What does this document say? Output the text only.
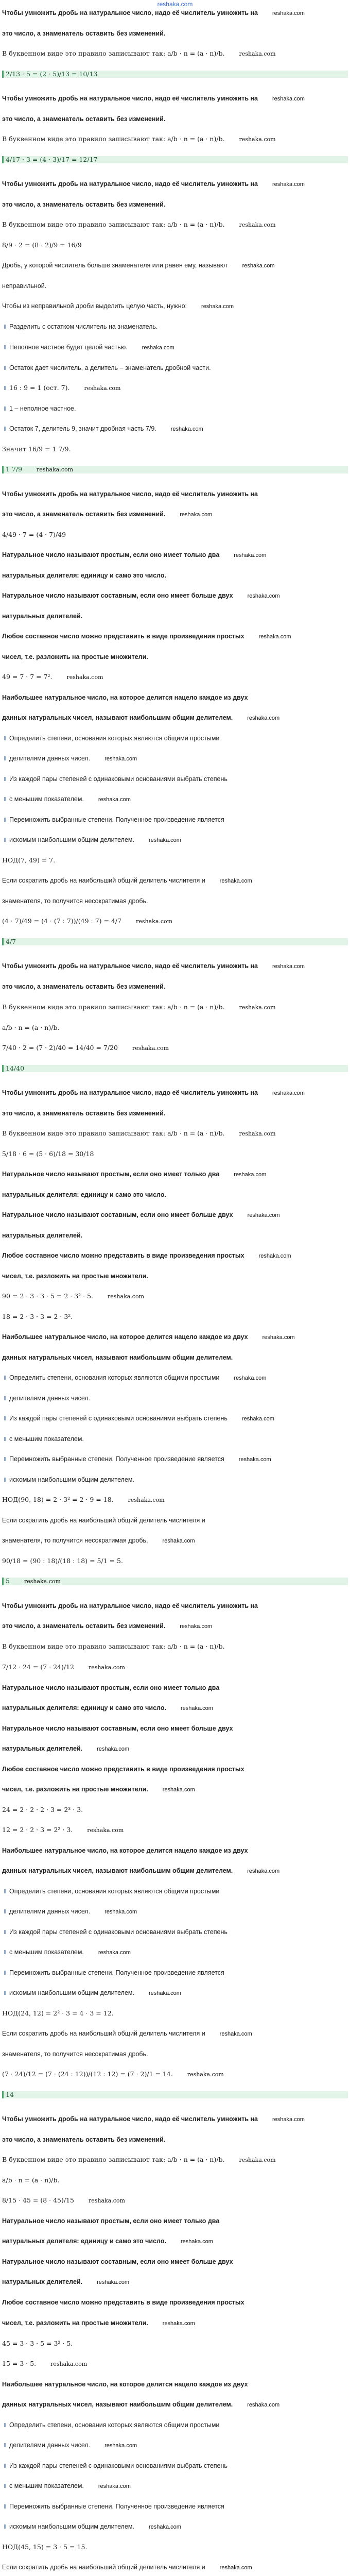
reshaka.com
Чтобы умножить дробь на натуральное число, надо её числитель умножить на	reshaka.com
это число, а знаменатель оставить без изменений.
В буквенном виде это правило записывают так: a/b · n = (a · n)/b.	reshaka.com
2/13 · 5 = (2 · 5)/13 = 10/13
Чтобы умножить дробь на натуральное число, надо её числитель умножить на	reshaka.com
это число, а знаменатель оставить без изменений.
В буквенном виде это правило записывают так: a/b · n = (a · n)/b.	reshaka.com
4/17 · 3 = (4 · 3)/17 = 12/17
Чтобы умножить дробь на натуральное число, надо её числитель умножить на	reshaka.com
это число, а знаменатель оставить без изменений.
В буквенном виде это правило записывают так: a/b · n = (a · n)/b.	reshaka.com
8/9 · 2 = (8 · 2)/9 = 16/9
Дробь, у которой числитель больше знаменателя или равен ему, называют	reshaka.com
неправильной.
Чтобы из неправильной дроби выделить целую часть, нужно:	reshaka.com
Разделить с остатком числитель на знаменатель.
Неполное частное будет целой частью.	reshaka.com
Остаток дает числитель, а делитель – знаменатель дробной части.
16 : 9 = 1 (ост. 7).	reshaka.com
1 – неполное частное.
Остаток 7, делитель 9, значит дробная часть 7/9.	reshaka.com
Значит 16/9 = 1 7/9.
1 7/9	reshaka.com
Чтобы умножить дробь на натуральное число, надо её числитель умножить на
это число, а знаменатель оставить без изменений.	reshaka.com
4/49 · 7 = (4 · 7)/49
Натуральное число называют простым, если оно имеет только два	reshaka.com
натуральных делителя: единицу и само это число.
Натуральное число называют составным, если оно имеет больше двух	reshaka.com
натуральных делителей.
Любое составное число можно представить в виде произведения простых	reshaka.com
чисел, т.е. разложить на простые множители.
49 = 7 · 7 = 7².	reshaka.com
Наибольшее натуральное число, на которое делится нацело каждое из двух
данных натуральных чисел, называют наибольшим общим делителем.	reshaka.com
Определить степени, основания которых являются общими простыми
делителями данных чисел.	reshaka.com
Из каждой пары степеней с одинаковыми основаниями выбрать степень
с меньшим показателем.	reshaka.com
Перемножить выбранные степени. Полученное произведение является
искомым наибольшим общим делителем.	reshaka.com
НОД(7, 49) = 7.
Если сократить дробь на наибольший общий делитель числителя и	reshaka.com
знаменателя, то получится несократимая дробь.
(4 · 7)/49 = (4 · (7 : 7))/(49 : 7) = 4/7	reshaka.com
4/7
Чтобы умножить дробь на натуральное число, надо её числитель умножить на	reshaka.com
это число, а знаменатель оставить без изменений.
В буквенном виде это правило записывают так: a/b · n = (a · n)/b.	reshaka.com
a/b · n = (a · n)/b.
7/40 · 2 = (7 · 2)/40 = 14/40 = 7/20	reshaka.com
14/40
Чтобы умножить дробь на натуральное число, надо её числитель умножить на	reshaka.com
это число, а знаменатель оставить без изменений.
В буквенном виде это правило записывают так: a/b · n = (a · n)/b.	reshaka.com
5/18 · 6 = (5 · 6)/18 = 30/18
Натуральное число называют простым, если оно имеет только два	reshaka.com
натуральных делителя: единицу и само это число.
Натуральное число называют составным, если оно имеет больше двух	reshaka.com
натуральных делителей.
Любое составное число можно представить в виде произведения простых	reshaka.com
чисел, т.е. разложить на простые множители.
90 = 2 · 3 · 3 · 5 = 2 · 3² · 5.	reshaka.com
18 = 2 · 3 · 3 = 2 · 3².
Наибольшее натуральное число, на которое делится нацело каждое из двух	reshaka.com
данных натуральных чисел, называют наибольшим общим делителем.
Определить степени, основания которых являются общими простыми	reshaka.com
делителями данных чисел.
Из каждой пары степеней с одинаковыми основаниями выбрать степень	reshaka.com
с меньшим показателем.
Перемножить выбранные степени. Полученное произведение является	reshaka.com
искомым наибольшим общим делителем.
НОД(90, 18) = 2 · 3² = 2 · 9 = 18.	reshaka.com
Если сократить дробь на наибольший общий делитель числителя и
знаменателя, то получится несократимая дробь.	reshaka.com
90/18 = (90 : 18)/(18 : 18) = 5/1 = 5.
5	reshaka.com
Чтобы умножить дробь на натуральное число, надо её числитель умножить на
это число, а знаменатель оставить без изменений.	reshaka.com
В буквенном виде это правило записывают так: a/b · n = (a · n)/b.
7/12 · 24 = (7 · 24)/12	reshaka.com
Натуральное число называют простым, если оно имеет только два
натуральных делителя: единицу и само это число.	reshaka.com
Натуральное число называют составным, если оно имеет больше двух
натуральных делителей.	reshaka.com
Любое составное число можно представить в виде произведения простых
чисел, т.е. разложить на простые множители.	reshaka.com
24 = 2 · 2 · 2 · 3 = 2³ · 3.
12 = 2 · 2 · 3 = 2² · 3.	reshaka.com
Наибольшее натуральное число, на которое делится нацело каждое из двух
данных натуральных чисел, называют наибольшим общим делителем.	reshaka.com
Определить степени, основания которых являются общими простыми
делителями данных чисел.	reshaka.com
Из каждой пары степеней с одинаковыми основаниями выбрать степень
с меньшим показателем.	reshaka.com
Перемножить выбранные степени. Полученное произведение является
искомым наибольшим общим делителем.	reshaka.com
НОД(24, 12) = 2² · 3 = 4 · 3 = 12.
Если сократить дробь на наибольший общий делитель числителя и	reshaka.com
знаменателя, то получится несократимая дробь.
(7 · 24)/12 = (7 · (24 : 12))/(12 : 12) = (7 · 2)/1 = 14.	reshaka.com
14
Чтобы умножить дробь на натуральное число, надо её числитель умножить на	reshaka.com
это число, а знаменатель оставить без изменений.
В буквенном виде это правило записывают так: a/b · n = (a · n)/b.	reshaka.com
a/b · n = (a · n)/b.
8/15 · 45 = (8 · 45)/15	reshaka.com
Натуральное число называют простым, если оно имеет только два
натуральных делителя: единицу и само это число.	reshaka.com
Натуральное число называют составным, если оно имеет больше двух
натуральных делителей.	reshaka.com
Любое составное число можно представить в виде произведения простых
чисел, т.е. разложить на простые множители.	reshaka.com
45 = 3 · 3 · 5 = 3² · 5.
15 = 3 · 5.	reshaka.com
Наибольшее натуральное число, на которое делится нацело каждое из двух
данных натуральных чисел, называют наибольшим общим делителем.	reshaka.com
Определить степени, основания которых являются общими простыми
делителями данных чисел.	reshaka.com
Из каждой пары степеней с одинаковыми основаниями выбрать степень
с меньшим показателем.	reshaka.com
Перемножить выбранные степени. Полученное произведение является
искомым наибольшим общим делителем.	reshaka.com
НОД(45, 15) = 3 · 5 = 15.
Если сократить дробь на наибольший общий делитель числителя и	reshaka.com
